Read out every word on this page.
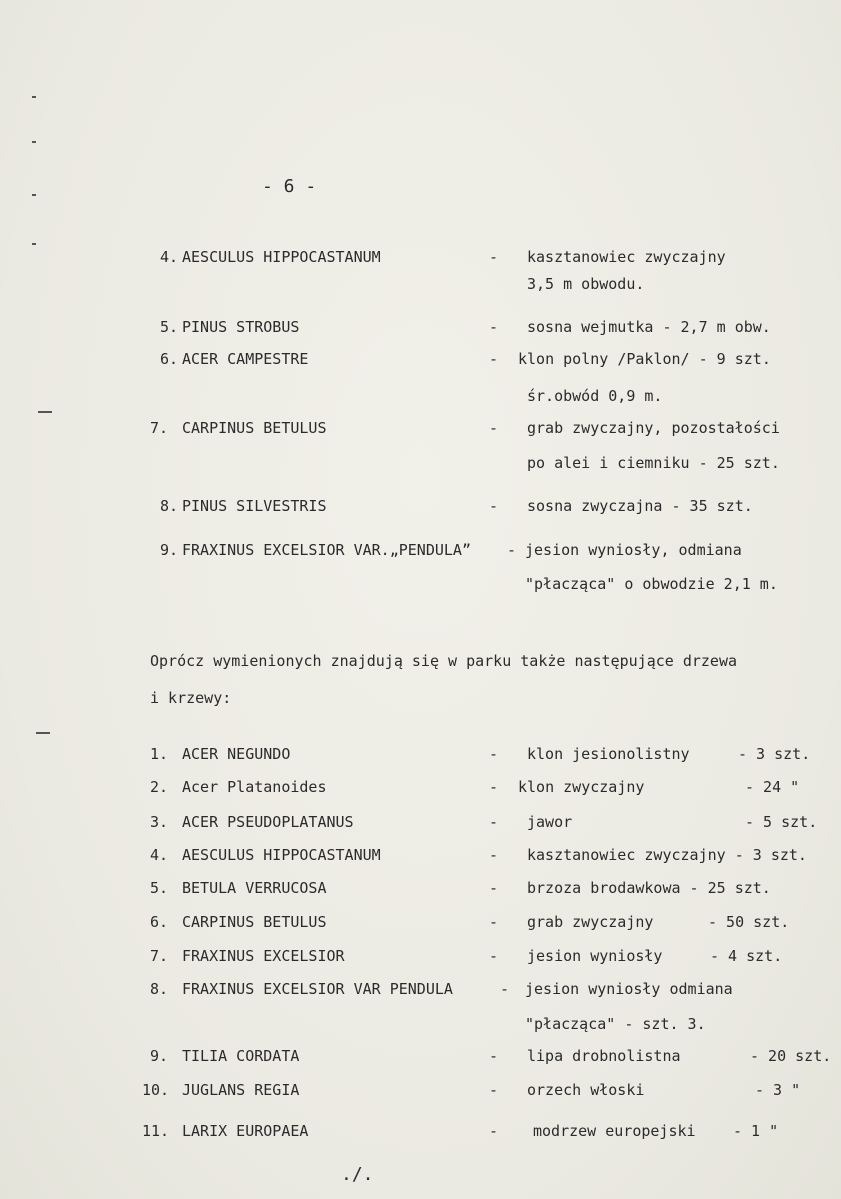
- 6 -
4. AESCULUS HIPPOCASTANUM	- kasztanowiec zwyczajny
3,5 m obwodu.
5. PINUS STROBUS	- sosna wejmutka - 2,7 m obw.
6. ACER CAMPESTRE	- klon polny /Paklon/ - 9 szt.
śr.obwód 0,9 m.
7. CARPINUS BETULUS	- grab zwyczajny, pozostałości
po alei i ciemniku - 25 szt.
8. PINUS SILVESTRIS	- sosna zwyczajna - 35 szt.
9. FRAXINUS EXCELSIOR VAR.„PENDULA” - jesion wyniosły, odmiana
"płacząca" o obwodzie 2,1 m.
Oprócz wymienionych znajdują się w parku także następujące drzewa
i krzewy:
1. ACER NEGUNDO	- klon jesionolistny	- 3 szt.
2. Acer Platanoides	- klon zwyczajny	- 24 "
3. ACER PSEUDOPLATANUS	- jawor	- 5 szt.
4. AESCULUS HIPPOCASTANUM	- kasztanowiec zwyczajny - 3 szt.
5. BETULA VERRUCOSA	- brzoza brodawkowa - 25 szt.
6. CARPINUS BETULUS	- grab zwyczajny	- 50 szt.
7. FRAXINUS EXCELSIOR	- jesion wyniosły	- 4 szt.
8. FRAXINUS EXCELSIOR VAR PENDULA	- jesion wyniosły odmiana
"płacząca" - szt. 3.
9. TILIA CORDATA	- lipa drobnolistna	- 20 szt.
10. JUGLANS REGIA	- orzech włoski	- 3 "
11. LARIX EUROPAEA	- modrzew europejski - 1 "
./.
